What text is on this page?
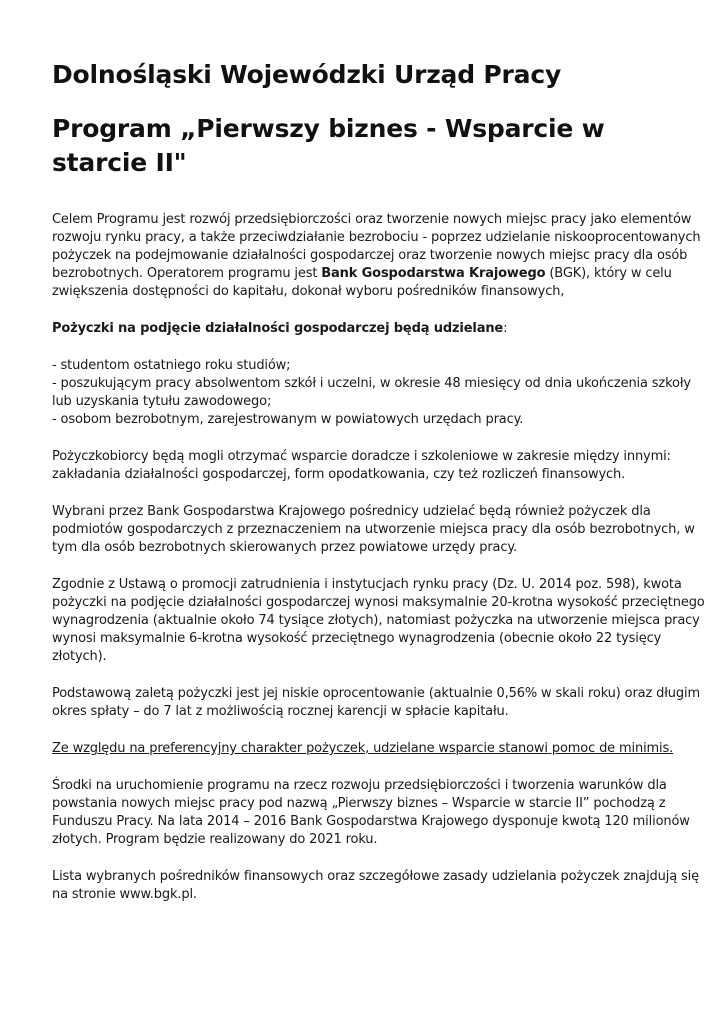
Dolnośląski Wojewódzki Urząd Pracy
Program „Pierwszy biznes - Wsparcie w
starcie II"

Celem Programu jest rozwój przedsiębiorczości oraz tworzenie nowych miejsc pracy jako elementów
rozwoju rynku pracy, a także przeciwdziałanie bezrobociu - poprzez udzielanie niskooprocentowanych
pożyczek na podejmowanie działalności gospodarczej oraz tworzenie nowych miejsc pracy dla osób
bezrobotnych. Operatorem programu jest Bank Gospodarstwa Krajowego (BGK), który w celu
zwiększenia dostępności do kapitału, dokonał wyboru pośredników finansowych,

Pożyczki na podjęcie działalności gospodarczej będą udzielane:

- studentom ostatniego roku studiów;
- poszukującym pracy absolwentom szkół i uczelni, w okresie 48 miesięcy od dnia ukończenia szkoły
lub uzyskania tytułu zawodowego;
- osobom bezrobotnym, zarejestrowanym w powiatowych urzędach pracy.

Pożyczkobiorcy będą mogli otrzymać wsparcie doradcze i szkoleniowe w zakresie między innymi:
zakładania działalności gospodarczej, form opodatkowania, czy też rozliczeń finansowych.

Wybrani przez Bank Gospodarstwa Krajowego pośrednicy udzielać będą również pożyczek dla
podmiotów gospodarczych z przeznaczeniem na utworzenie miejsca pracy dla osób bezrobotnych, w
tym dla osób bezrobotnych skierowanych przez powiatowe urzędy pracy.

Zgodnie z Ustawą o promocji zatrudnienia i instytucjach rynku pracy (Dz. U. 2014 poz. 598), kwota
pożyczki na podjęcie działalności gospodarczej wynosi maksymalnie 20-krotna wysokość przeciętnego
wynagrodzenia (aktualnie około 74 tysiące złotych), natomiast pożyczka na utworzenie miejsca pracy
wynosi maksymalnie 6-krotna wysokość przeciętnego wynagrodzenia (obecnie około 22 tysięcy
złotych).

Podstawową zaletą pożyczki jest jej niskie oprocentowanie (aktualnie 0,56% w skali roku) oraz długim
okres spłaty – do 7 lat z możliwością rocznej karencji w spłacie kapitału.

Ze względu na preferencyjny charakter pożyczek, udzielane wsparcie stanowi pomoc de minimis.

Środki na uruchomienie programu na rzecz rozwoju przedsiębiorczości i tworzenia warunków dla
powstania nowych miejsc pracy pod nazwą „Pierwszy biznes – Wsparcie w starcie II” pochodzą z
Funduszu Pracy. Na lata 2014 – 2016 Bank Gospodarstwa Krajowego dysponuje kwotą 120 milionów
złotych. Program będzie realizowany do 2021 roku.

Lista wybranych pośredników finansowych oraz szczegółowe zasady udzielania pożyczek znajdują się
na stronie www.bgk.pl.
